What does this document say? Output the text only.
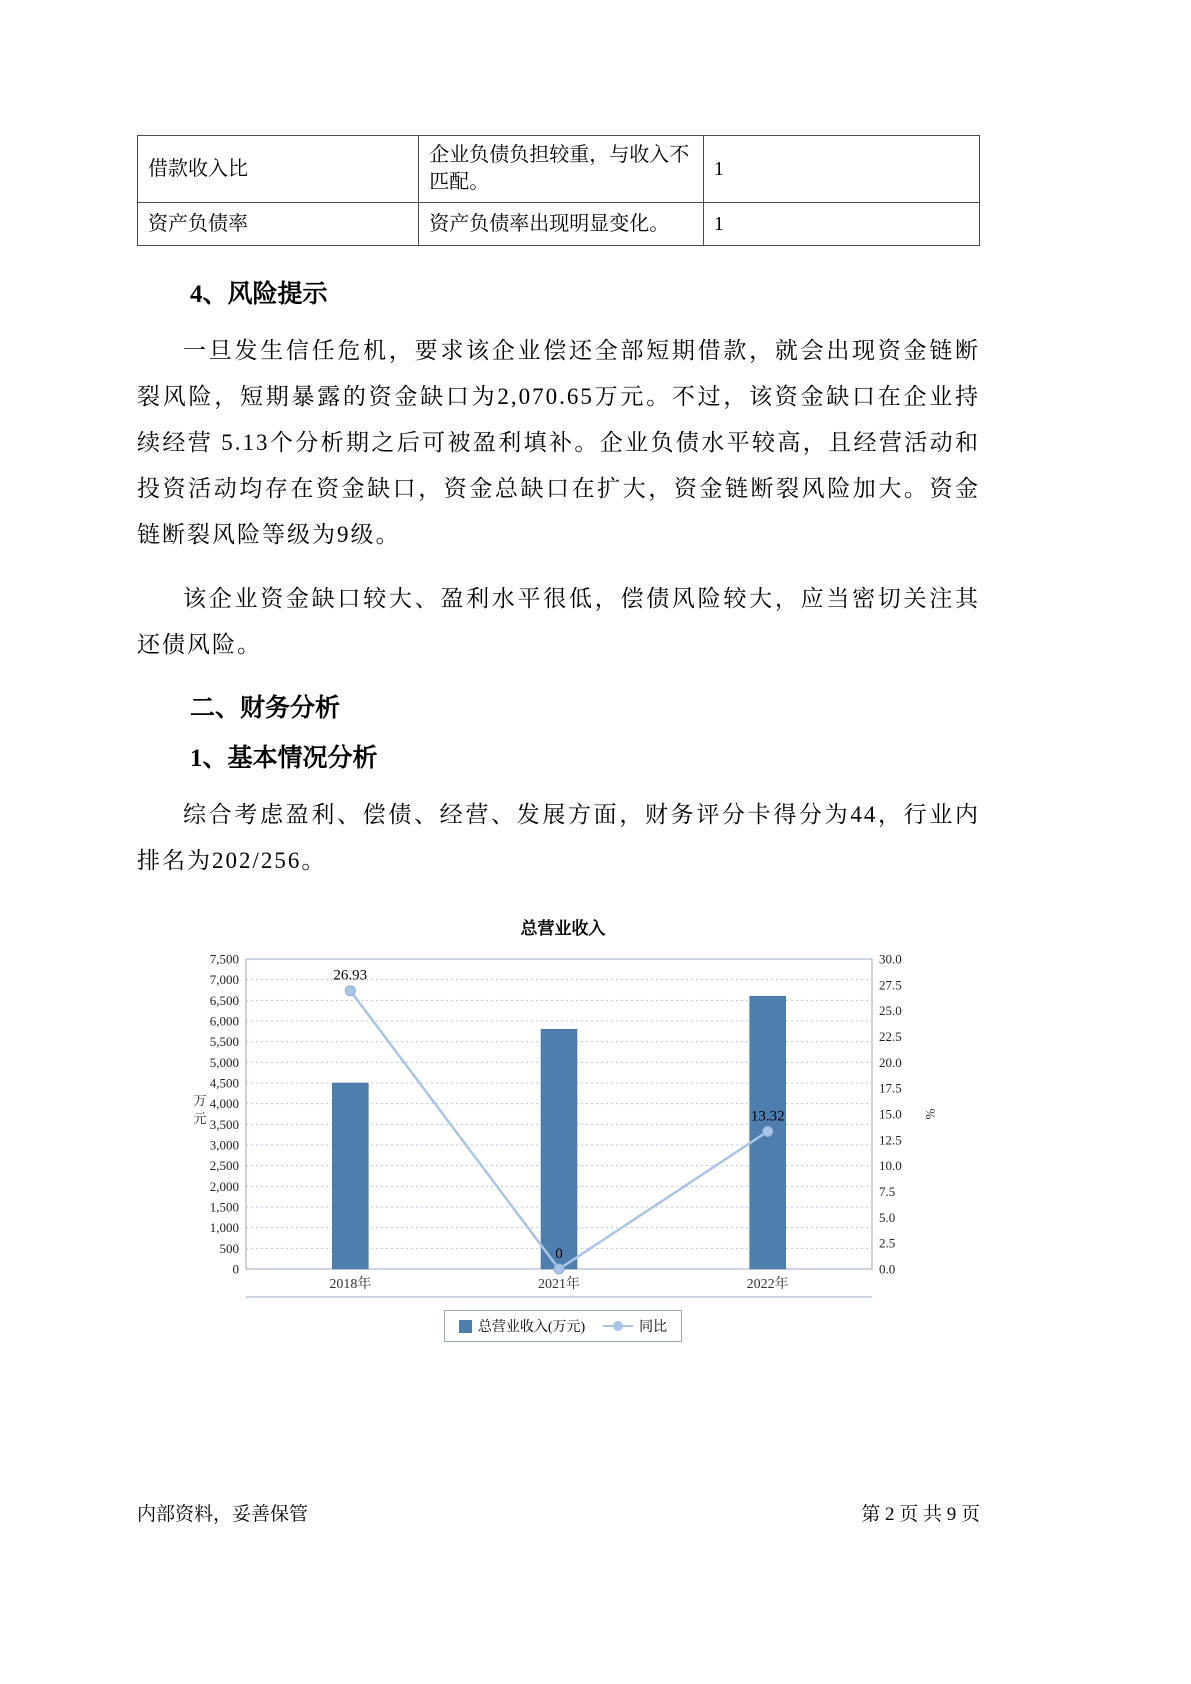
借款收入比	企业负债负担较重，与收入不匹配。	1
资产负债率	资产负债率出现明显变化。	1
4、风险提示

一旦发生信任危机，要求该企业偿还全部短期借款，就会出现资金链断裂风险，短期暴露的资金缺口为2,070.65万元。不过，该资金缺口在企业持续经营 5.13个分析期之后可被盈利填补。企业负债水平较高，且经营活动和投资活动均存在资金缺口，资金总缺口在扩大，资金链断裂风险加大。资金链断裂风险等级为9级。

该企业资金缺口较大、盈利水平很低，偿债风险较大，应当密切关注其还债风险。

二、财务分析
1、基本情况分析

综合考虑盈利、偿债、经营、发展方面，财务评分卡得分为44，行业内排名为202/256。

总营业收入
0
500
1,000
1,500
2,000
2,500
3,000
3,500
4,000
4,500
5,000
5,500
6,000
6,500
7,000
7,500
0.0
2.5
5.0
7.5
10.0
12.5
15.0
17.5
20.0
22.5
25.0
27.5
30.0
万
元	%
2018年	2021年	2022年
26.93
0
13.32
总营业收入(万元)	同比
内部资料，妥善保管	第 2 页 共 9 页
